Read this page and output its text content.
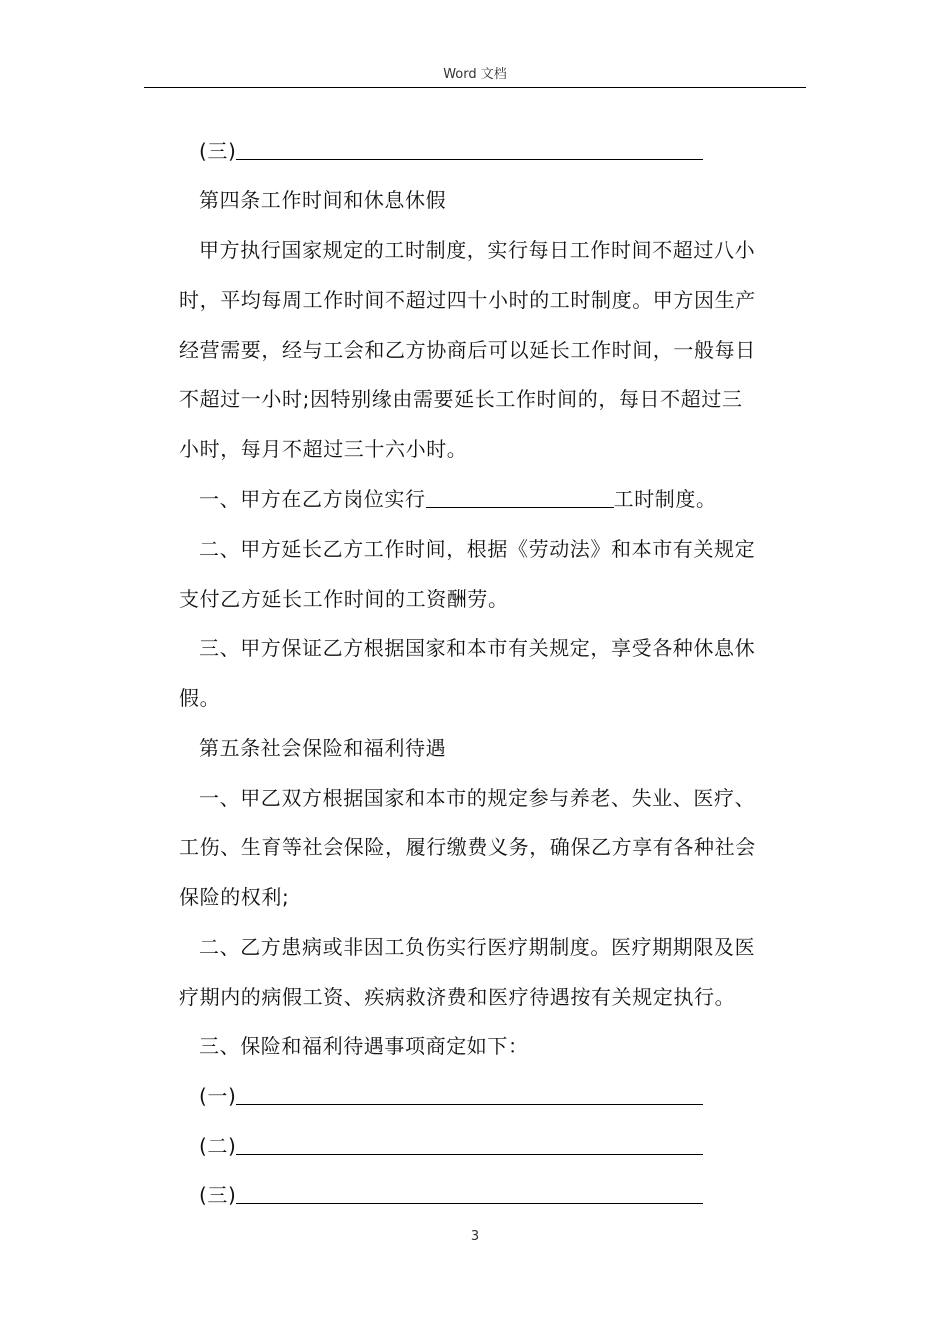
Word 文档
(三)
第四条工作时间和休息休假
甲方执行国家规定的工时制度，实行每日工作时间不超过八小
时，平均每周工作时间不超过四十小时的工时制度。甲方因生产
经营需要，经与工会和乙方协商后可以延长工作时间，一般每日
不超过一小时;因特别缘由需要延长工作时间的，每日不超过三
小时，每月不超过三十六小时。
一、甲方在乙方岗位实行	工时制度。
二、甲方延长乙方工作时间，根据《劳动法》和本市有关规定
支付乙方延长工作时间的工资酬劳。
三、甲方保证乙方根据国家和本市有关规定，享受各种休息休
假。
第五条社会保险和福利待遇
一、甲乙双方根据国家和本市的规定参与养老、失业、医疗、
工伤、生育等社会保险，履行缴费义务，确保乙方享有各种社会
保险的权利;
二、乙方患病或非因工负伤实行医疗期制度。医疗期期限及医
疗期内的病假工资、疾病救济费和医疗待遇按有关规定执行。
三、保险和福利待遇事项商定如下：
(一)
(二)
(三)
3
